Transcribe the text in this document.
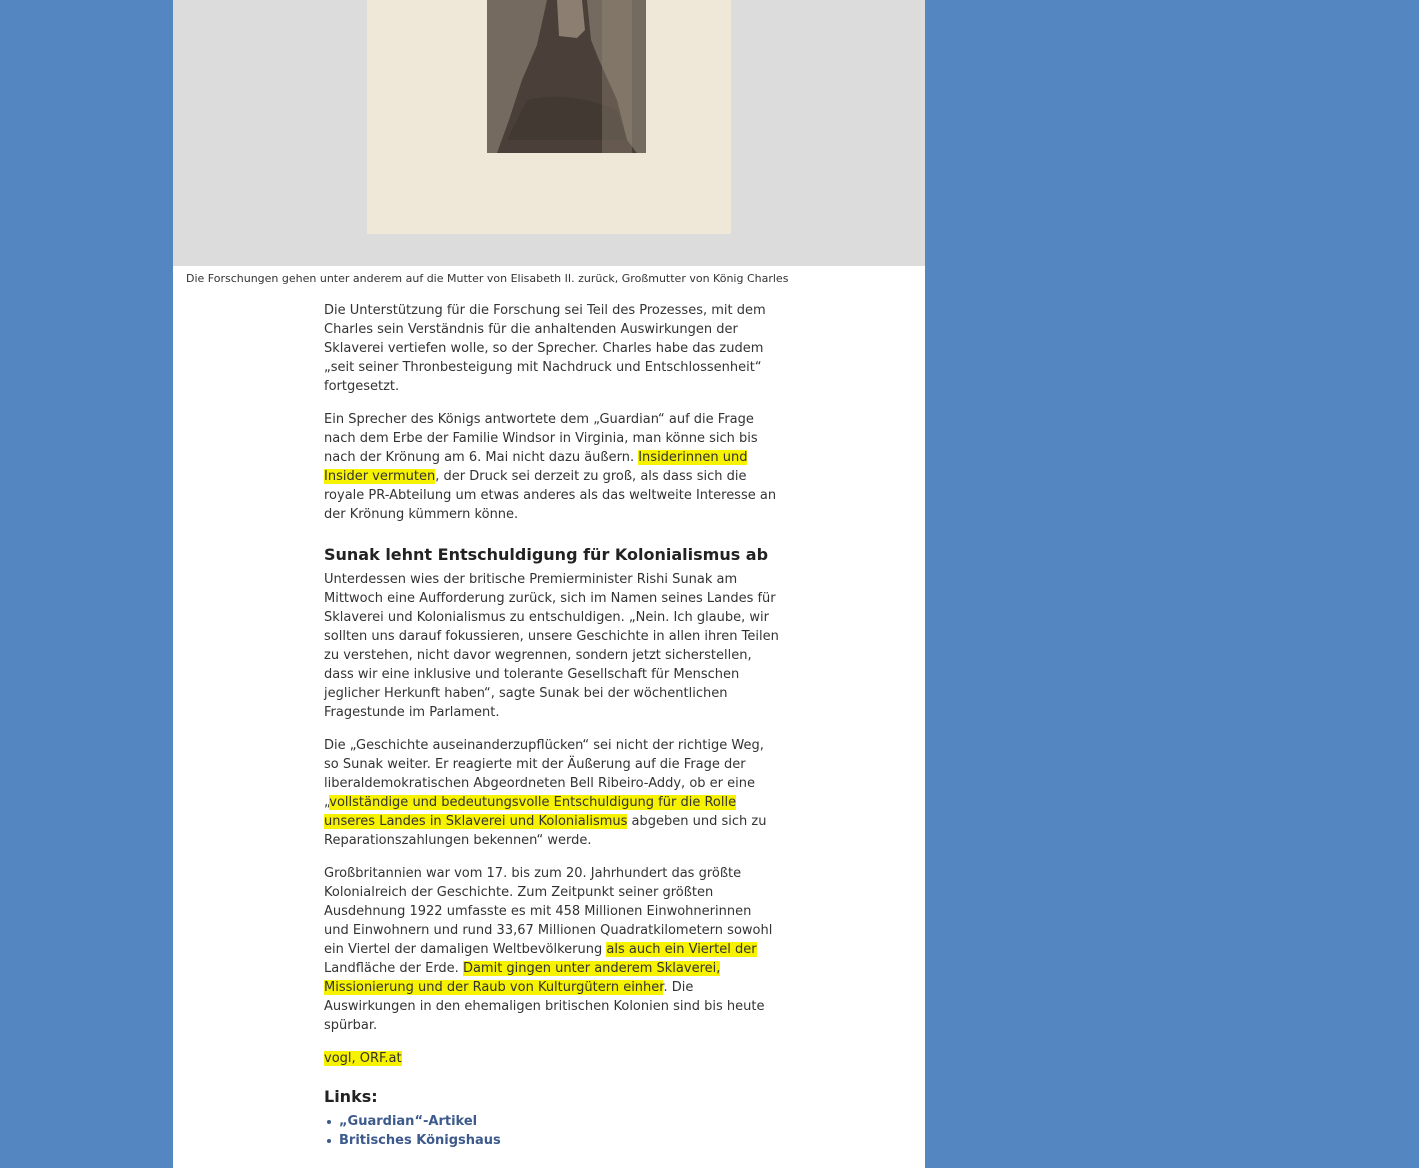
Die Forschungen gehen unter anderem auf die Mutter von Elisabeth II. zurück, Großmutter von König Charles

Die Unterstützung für die Forschung sei Teil des Prozesses, mit dem Charles sein Verständnis für die anhaltenden Auswirkungen der Sklaverei vertiefen wolle, so der Sprecher. Charles habe das zudem „seit seiner Thronbesteigung mit Nachdruck und Entschlossenheit“ fortgesetzt.

Ein Sprecher des Königs antwortete dem „Guardian“ auf die Frage nach dem Erbe der Familie Windsor in Virginia, man könne sich bis nach der Krönung am 6. Mai nicht dazu äußern. Insiderinnen und Insider vermuten, der Druck sei derzeit zu groß, als dass sich die royale PR-Abteilung um etwas anderes als das weltweite Interesse an der Krönung kümmern könne.

Sunak lehnt Entschuldigung für Kolonialismus ab

Unterdessen wies der britische Premierminister Rishi Sunak am Mittwoch eine Aufforderung zurück, sich im Namen seines Landes für Sklaverei und Kolonialismus zu entschuldigen. „Nein. Ich glaube, wir sollten uns darauf fokussieren, unsere Geschichte in allen ihren Teilen zu verstehen, nicht davor wegrennen, sondern jetzt sicherstellen, dass wir eine inklusive und tolerante Gesellschaft für Menschen jeglicher Herkunft haben“, sagte Sunak bei der wöchentlichen Fragestunde im Parlament.

Die „Geschichte auseinanderzupflücken“ sei nicht der richtige Weg, so Sunak weiter. Er reagierte mit der Äußerung auf die Frage der liberaldemokratischen Abgeordneten Bell Ribeiro-Addy, ob er eine „vollständige und bedeutungsvolle Entschuldigung für die Rolle unseres Landes in Sklaverei und Kolonialismus abgeben und sich zu Reparationszahlungen bekennen“ werde.

Großbritannien war vom 17. bis zum 20. Jahrhundert das größte Kolonialreich der Geschichte. Zum Zeitpunkt seiner größten Ausdehnung 1922 umfasste es mit 458 Millionen Einwohnerinnen und Einwohnern und rund 33,67 Millionen Quadratkilometern sowohl ein Viertel der damaligen Weltbevölkerung als auch ein Viertel der Landfläche der Erde. Damit gingen unter anderem Sklaverei, Missionierung und der Raub von Kulturgütern einher. Die Auswirkungen in den ehemaligen britischen Kolonien sind bis heute spürbar.

vogl, ORF.at

Links:
„Guardian“-Artikel
Britisches Königshaus
